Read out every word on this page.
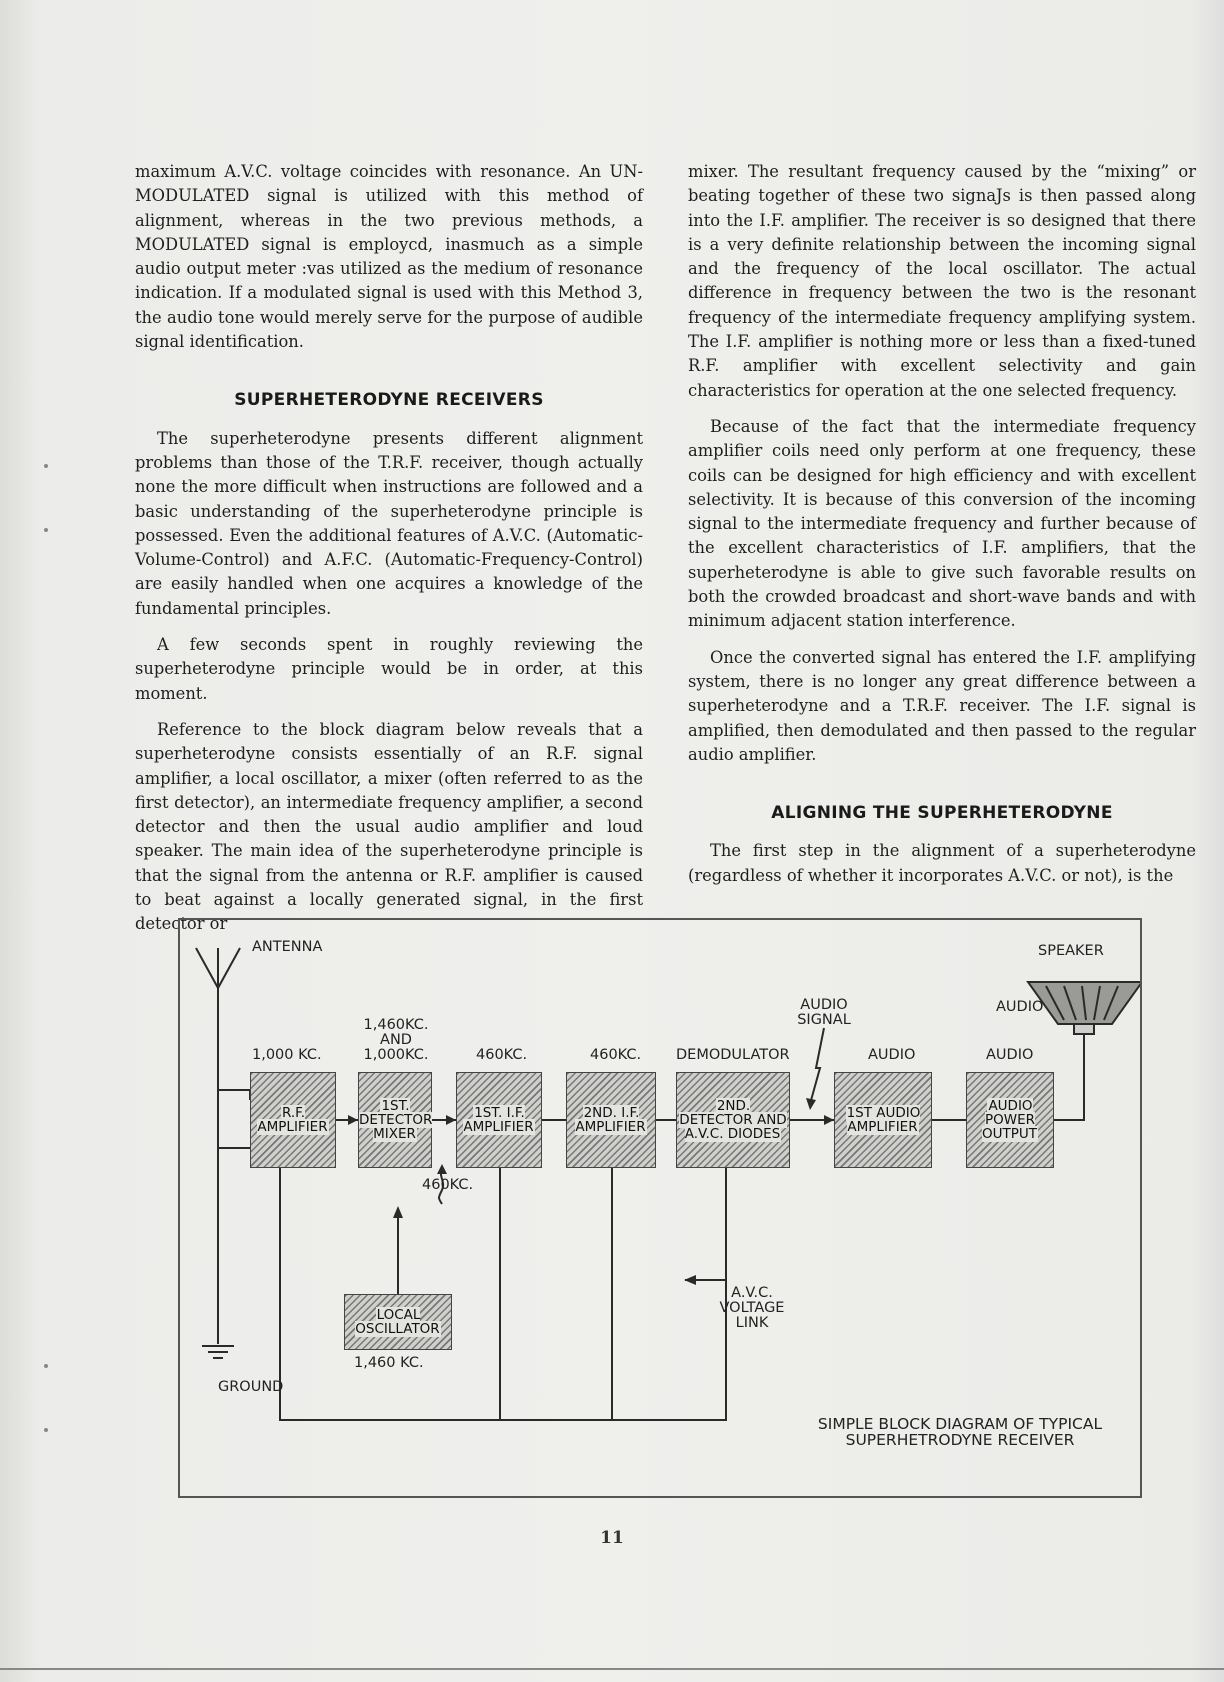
maximum A.V.C. voltage coincides with resonance. An UN-MODULATED signal is utilized with this method of alignment, whereas in the two previous methods, a MODULATED signal is employcd, inasmuch as a simple audio output meter :vas utilized as the medium of resonance indication. If a modulated signal is used with this Method 3, the audio tone would merely serve for the purpose of audible signal identification.

SUPERHETERODYNE RECEIVERS

The superheterodyne presents different alignment problems than those of the T.R.F. receiver, though actually none the more difficult when instructions are followed and a basic understanding of the superheterodyne principle is possessed. Even the additional features of A.V.C. (Automatic-Volume-Control) and A.F.C. (Automatic-Frequency-Control) are easily handled when one acquires a knowledge of the fundamental principles.

A few seconds spent in roughly reviewing the superheterodyne principle would be in order, at this moment.

Reference to the block diagram below reveals that a superheterodyne consists essentially of an R.F. signal amplifier, a local oscillator, a mixer (often referred to as the first detector), an intermediate frequency amplifier, a second detector and then the usual audio amplifier and loud speaker. The main idea of the superheterodyne principle is that the signal from the antenna or R.F. amplifier is caused to beat against a locally generated signal, in the first detector or

mixer. The resultant frequency caused by the “mixing” or beating together of these two signaJs is then passed along into the I.F. amplifier. The receiver is so designed that there is a very definite relationship between the incoming signal and the frequency of the local oscillator. The actual difference in frequency between the two is the resonant frequency of the intermediate frequency amplifying system. The I.F. amplifier is nothing more or less than a fixed-tuned R.F. amplifier with excellent selectivity and gain characteristics for operation at the one selected frequency.

Because of the fact that the intermediate frequency amplifier coils need only perform at one frequency, these coils can be designed for high efficiency and with excellent selectivity. It is because of this conversion of the incoming signal to the intermediate frequency and further because of the excellent characteristics of I.F. amplifiers, that the superheterodyne is able to give such favorable results on both the crowded broadcast and short-wave bands and with minimum adjacent station interference.

Once the converted signal has entered the I.F. amplifying system, there is no longer any great difference between a superheterodyne and a T.R.F. receiver. The I.F. signal is amplified, then demodulated and then passed to the regular audio amplifier.

ALIGNING THE SUPERHETERODYNE

The first step in the alignment of a superheterodyne (regardless of whether it incorporates A.V.C. or not), is the

ANTENNA
GROUND
SPEAKER
AUDIO SIGNAL
AUDIO
1,000 KC.
1,460KC. AND 1,000KC.	460KC.	460KC. DEMODULATOR	AUDIO	AUDIO
460KC.
1,460 KC.
A.V.C. VOLTAGE LINK
R.F. AMPLIFIER
1ST. DETECTOR MIXER
1ST. I.F. AMPLIFIER
2ND. I.F. AMPLIFIER
2ND. DETECTOR AND A.V.C. DIODES
1ST AUDIO AMPLIFIER
AUDIO POWER OUTPUT
LOCAL OSCILLATOR
SIMPLE BLOCK DIAGRAM OF TYPICAL SUPERHETRODYNE RECEIVER
11
